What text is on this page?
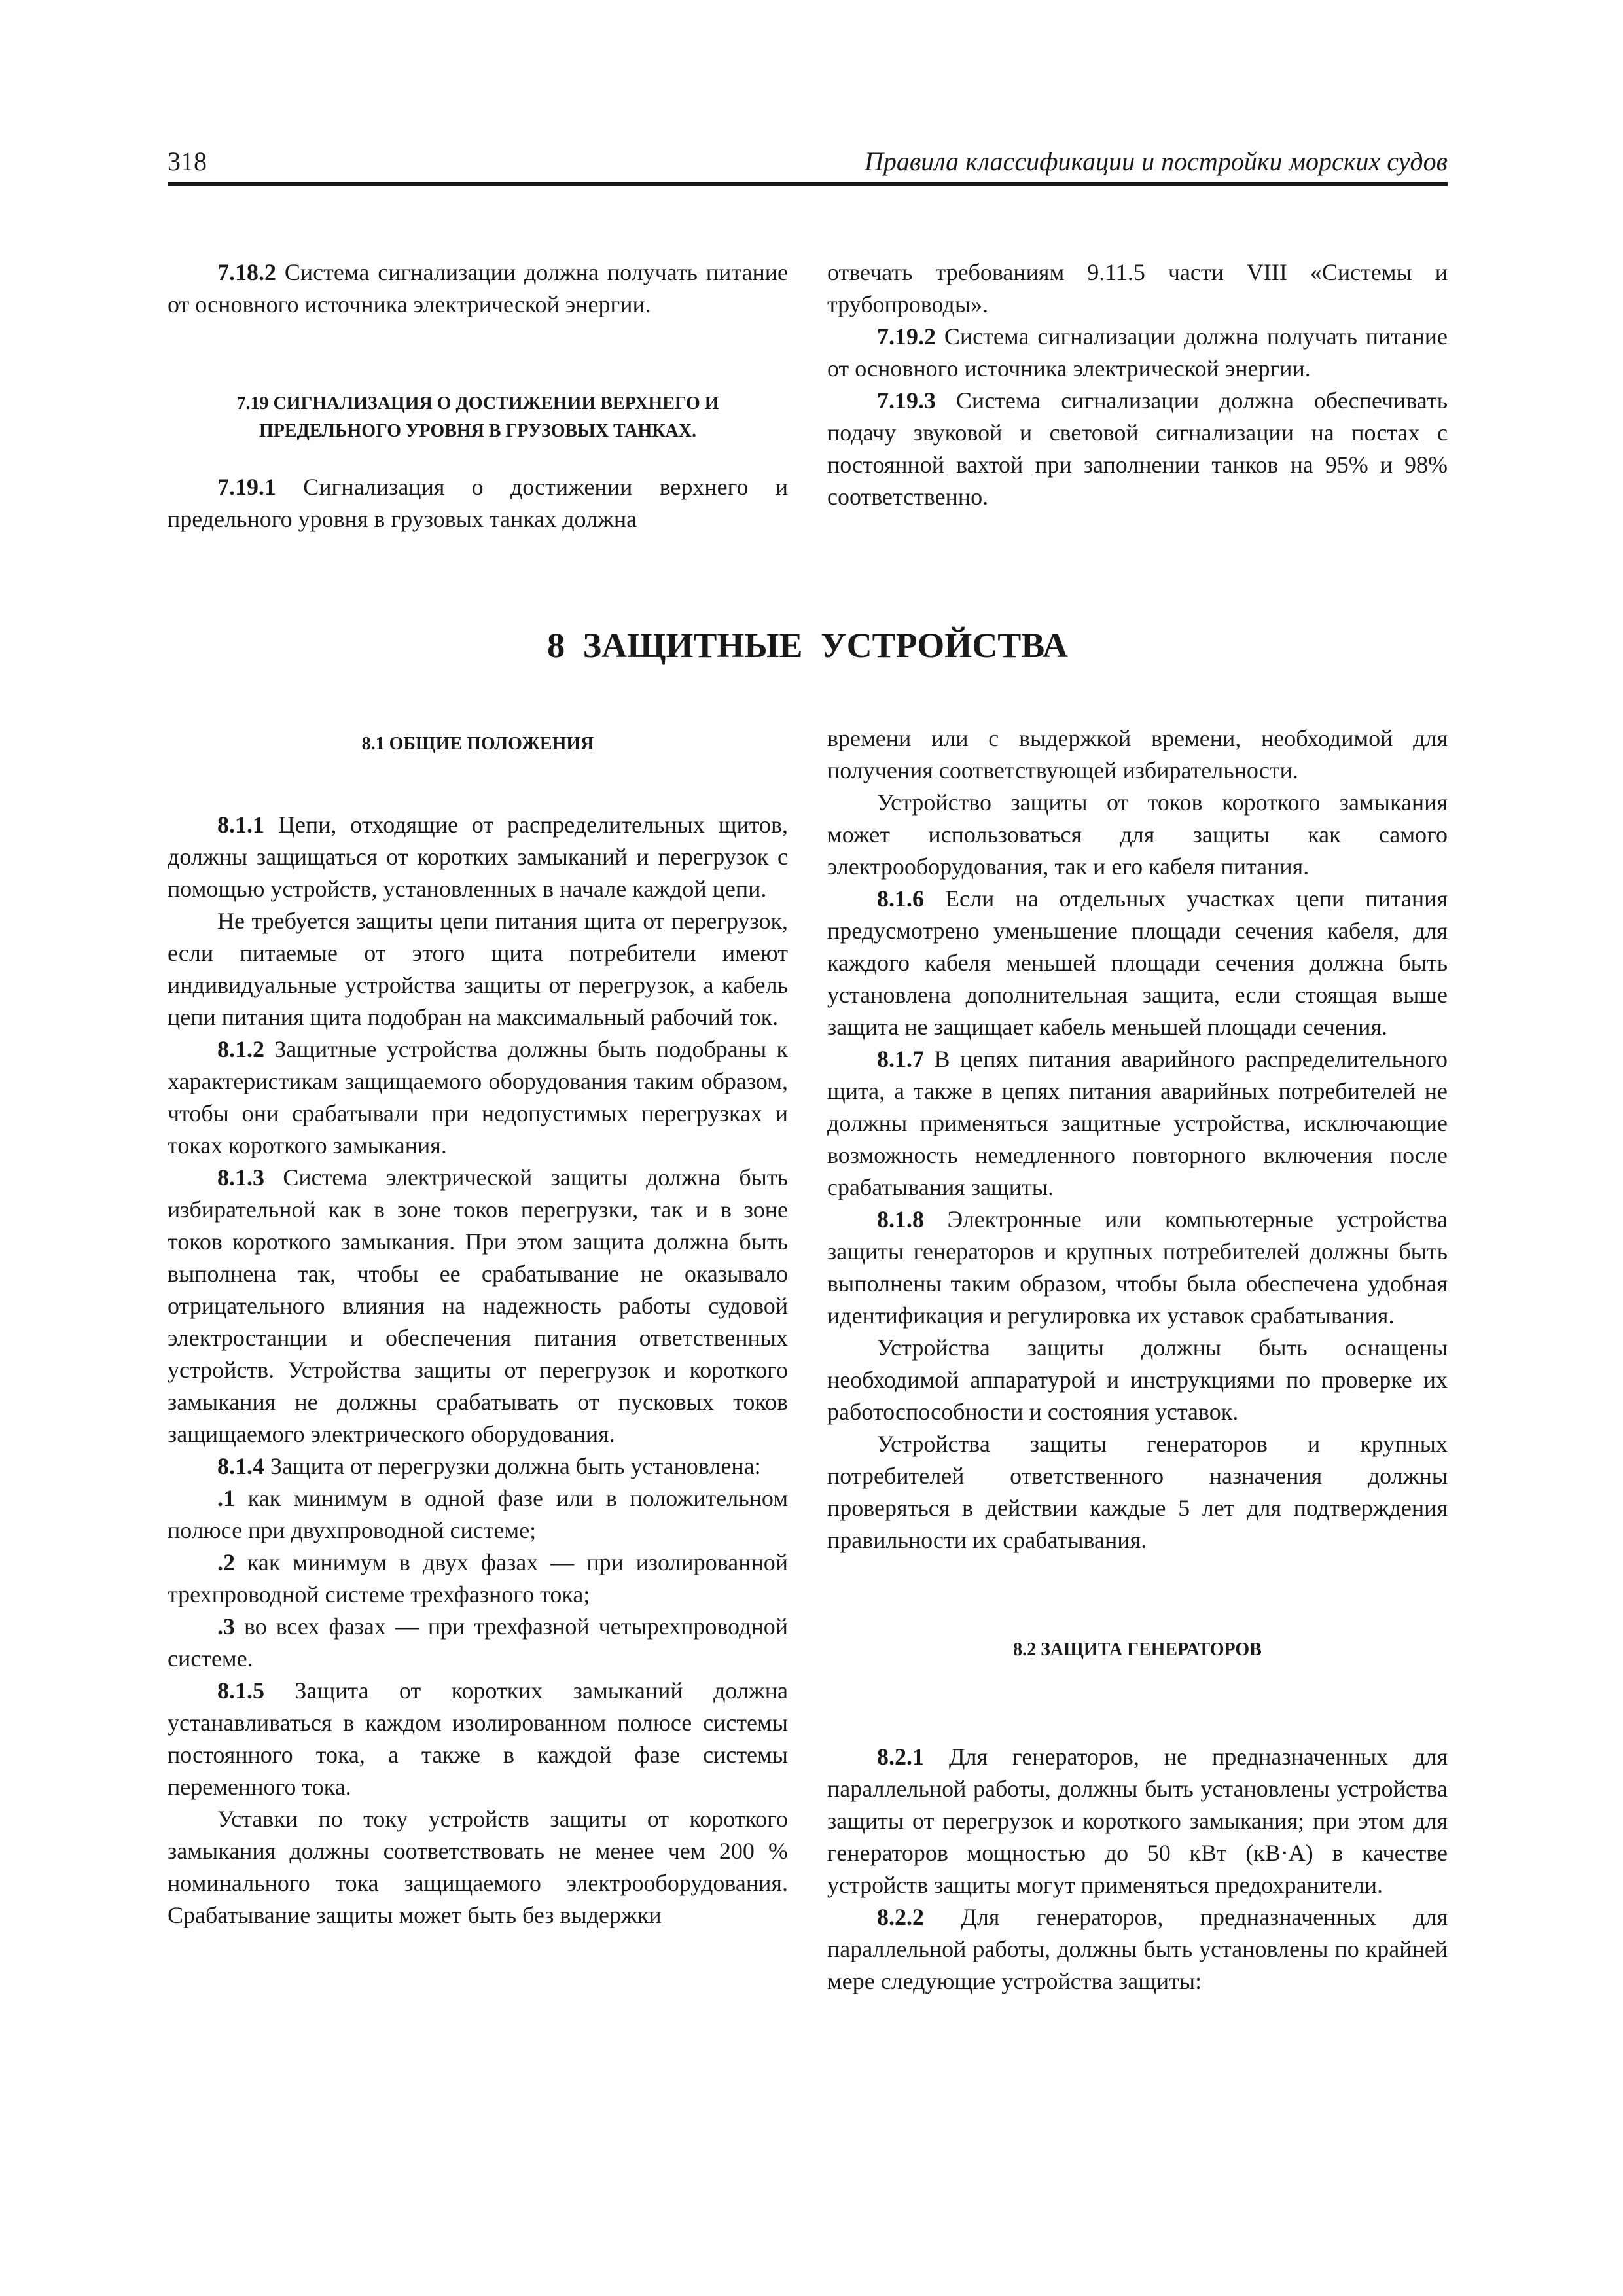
318	Правила классификации и постройки морских судов

7.18.2 Система сигнализации должна получать питание от основного источника электрической энергии.

7.19 СИГНАЛИЗАЦИЯ О ДОСТИЖЕНИИ ВЕРХНЕГО И ПРЕДЕЛЬНОГО УРОВНЯ В ГРУЗОВЫХ ТАНКАХ.

7.19.1 Сигнализация о достижении верхнего и предельного уровня в грузовых танках должна

отвечать требованиям 9.11.5 части VIII «Системы и трубопроводы».

7.19.2 Система сигнализации должна получать питание от основного источника электрической энергии.

7.19.3 Система сигнализации должна обеспечивать подачу звуковой и световой сигнализации на постах с постоянной вахтой при заполнении танков на 95% и 98% соответственно.

8 ЗАЩИТНЫЕ УСТРОЙСТВА

8.1 ОБЩИЕ ПОЛОЖЕНИЯ

8.1.1 Цепи, отходящие от распределительных щитов, должны защищаться от коротких замыканий и перегрузок с помощью устройств, установленных в начале каждой цепи.

Не требуется защиты цепи питания щита от перегрузок, если питаемые от этого щита потребители имеют индивидуальные устройства защиты от перегрузок, а кабель цепи питания щита подобран на максимальный рабочий ток.

8.1.2 Защитные устройства должны быть подобраны к характеристикам защищаемого оборудования таким образом, чтобы они срабатывали при недопустимых перегрузках и токах короткого замыкания.

8.1.3 Система электрической защиты должна быть избирательной как в зоне токов перегрузки, так и в зоне токов короткого замыкания. При этом защита должна быть выполнена так, чтобы ее срабатывание не оказывало отрицательного влияния на надежность работы судовой электростанции и обеспечения питания ответственных устройств. Устройства защиты от перегрузок и короткого замыкания не должны срабатывать от пусковых токов защищаемого электрического оборудования.

8.1.4 Защита от перегрузки должна быть установлена:

.1 как минимум в одной фазе или в положительном полюсе при двухпроводной системе;

.2 как минимум в двух фазах — при изолированной трехпроводной системе трехфазного тока;

.3 во всех фазах — при трехфазной четырехпроводной системе.

8.1.5 Защита от коротких замыканий должна устанавливаться в каждом изолированном полюсе системы постоянного тока, а также в каждой фазе системы переменного тока.

Уставки по току устройств защиты от короткого замыкания должны соответствовать не менее чем 200 % номинального тока защищаемого электрооборудования. Срабатывание защиты может быть без выдержки

времени или с выдержкой времени, необходимой для получения соответствующей избирательности.

Устройство защиты от токов короткого замыкания может использоваться для защиты как самого электрооборудования, так и его кабеля питания.

8.1.6 Если на отдельных участках цепи питания предусмотрено уменьшение площади сечения кабеля, для каждого кабеля меньшей площади сечения должна быть установлена дополнительная защита, если стоящая выше защита не защищает кабель меньшей площади сечения.

8.1.7 В цепях питания аварийного распределительного щита, а также в цепях питания аварийных потребителей не должны применяться защитные устройства, исключающие возможность немедленного повторного включения после срабатывания защиты.

8.1.8 Электронные или компьютерные устройства защиты генераторов и крупных потребителей должны быть выполнены таким образом, чтобы была обеспечена удобная идентификация и регулировка их уставок срабатывания.

Устройства защиты должны быть оснащены необходимой аппаратурой и инструкциями по проверке их работоспособности и состояния уставок.

Устройства защиты генераторов и крупных потребителей ответственного назначения должны проверяться в действии каждые 5 лет для подтверждения правильности их срабатывания.

8.2 ЗАЩИТА ГЕНЕРАТОРОВ

8.2.1 Для генераторов, не предназначенных для параллельной работы, должны быть установлены устройства защиты от перегрузок и короткого замыкания; при этом для генераторов мощностью до 50 кВт (кВ·А) в качестве устройств защиты могут применяться предохранители.

8.2.2 Для генераторов, предназначенных для параллельной работы, должны быть установлены по крайней мере следующие устройства защиты:
